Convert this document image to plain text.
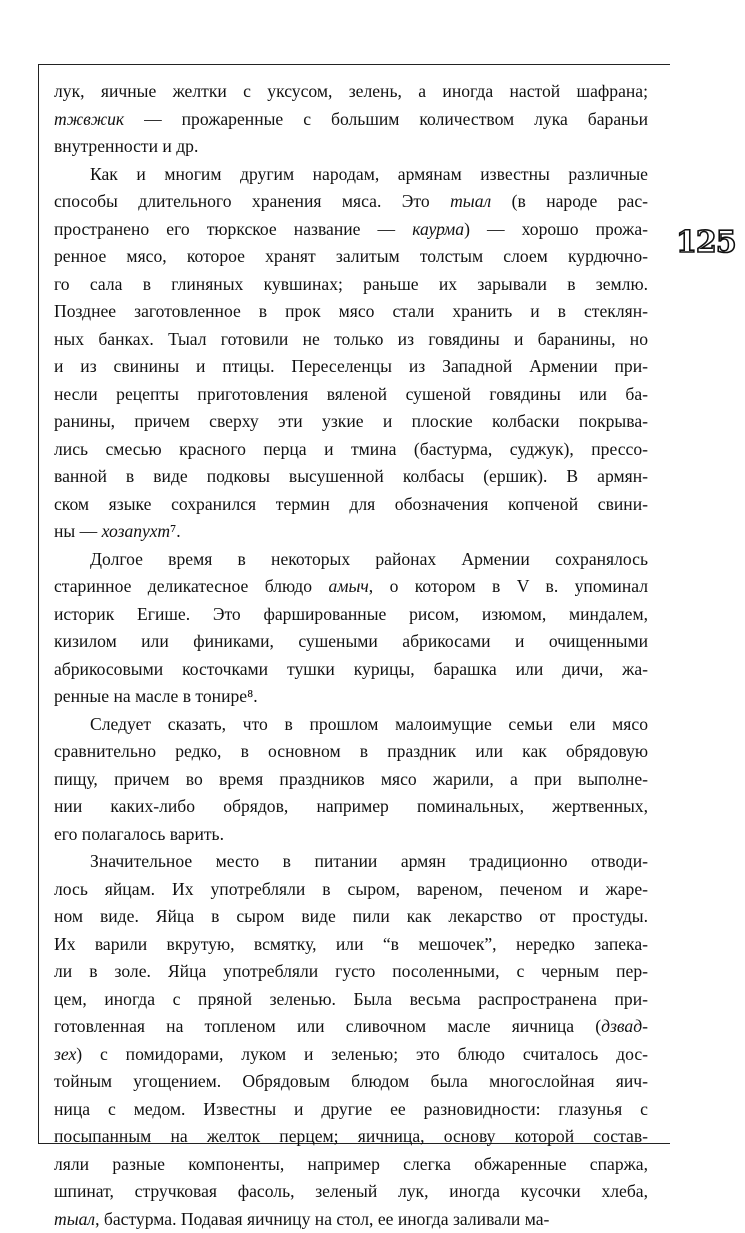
125

лук, яичные желтки с уксусом, зелень, а иногда настой шафрана;
тжвжик — прожаренные с большим количеством лука бараньи
внутренности и др.

Как и многим другим народам, армянам известны различные
способы длительного хранения мяса. Это тыал (в народе рас-
пространено его тюркское название — каурма) — хорошо прожа-
ренное мясо, которое хранят залитым толстым слоем курдючно-
го сала в глиняных кувшинах; раньше их зарывали в землю.
Позднее заготовленное в прок мясо стали хранить и в стеклян-
ных банках. Тыал готовили не только из говядины и баранины, но
и из свинины и птицы. Переселенцы из Западной Армении при-
несли рецепты приготовления вяленой сушеной говядины или ба-
ранины, причем сверху эти узкие и плоские колбаски покрыва-
лись смесью красного перца и тмина (бастурма, суджук), прессо-
ванной в виде подковы высушенной колбасы (ершик). В армян-
ском языке сохранился термин для обозначения копченой свини-
ны — хозапухт⁷.

Долгое время в некоторых районах Армении сохранялось
старинное деликатесное блюдо амыч, о котором в V в. упоминал
историк Егише. Это фаршированные рисом, изюмом, миндалем,
кизилом или финиками, сушеными абрикосами и очищенными
абрикосовыми косточками тушки курицы, барашка или дичи, жа-
ренные на масле в тонире⁸.

Следует сказать, что в прошлом малоимущие семьи ели мясо
сравнительно редко, в основном в праздник или как обрядовую
пищу, причем во время праздников мясо жарили, а при выполне-
нии каких-либо обрядов, например поминальных, жертвенных,
его полагалось варить.

Значительное место в питании армян традиционно отводи-
лось яйцам. Их употребляли в сыром, вареном, печеном и жаре-
ном виде. Яйца в сыром виде пили как лекарство от простуды.
Их варили вкрутую, всмятку, или “в мешочек”, нередко запека-
ли в золе. Яйца употребляли густо посоленными, с черным пер-
цем, иногда с пряной зеленью. Была весьма распространена при-
готовленная на топленом или сливочном масле яичница (дзвад-
зех) с помидорами, луком и зеленью; это блюдо считалось дос-
тойным угощением. Обрядовым блюдом была многослойная яич-
ница с медом. Известны и другие ее разновидности: глазунья с
посыпанным на желток перцем; яичница, основу которой состав-
ляли разные компоненты, например слегка обжаренные спаржа,
шпинат, стручковая фасоль, зеленый лук, иногда кусочки хлеба,
тыал, бастурма. Подавая яичницу на стол, ее иногда заливали ма-
